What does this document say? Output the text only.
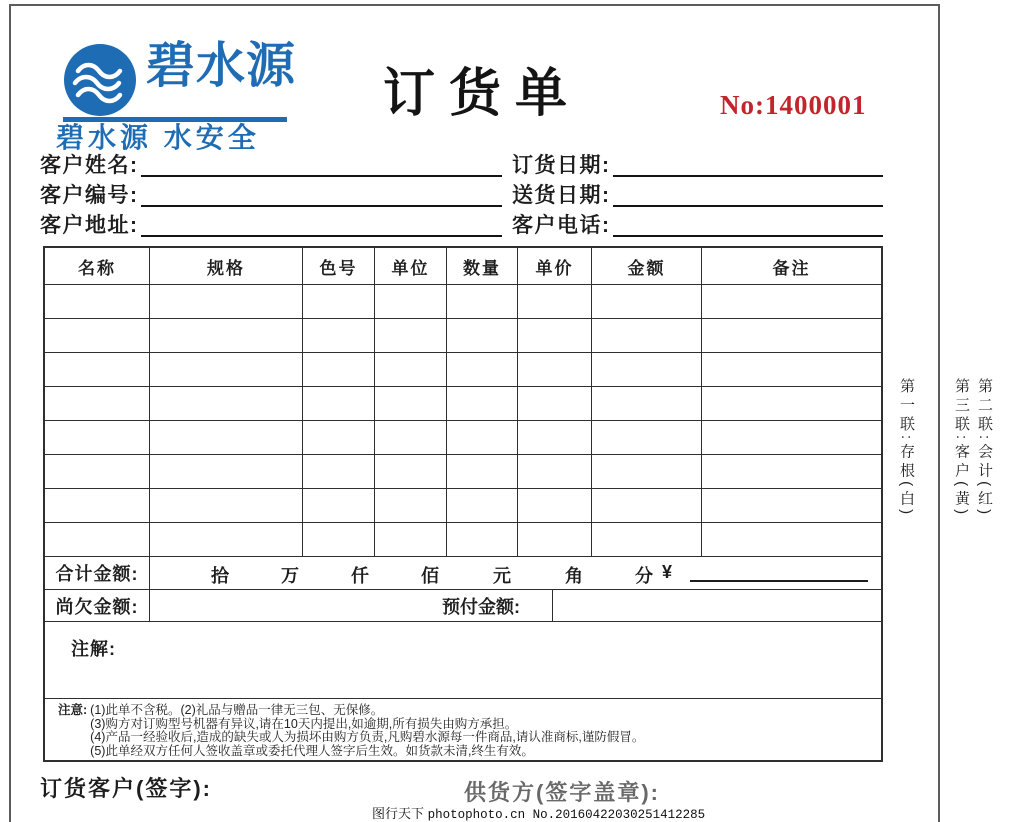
碧水源
碧水源 水安全
订货单	No:1400001
客户姓名:
客户编号:
客户地址:
订货日期:
送货日期:
客户电话:
名称	规格	色号	单位	数量	单价	金额	备注
合计金额:	拾	万	仟	佰	元	角	分 ¥
尚欠金额:	预付金额:
注解:
注意: (1)此单不含税。(2)礼品与赠品一律无三包、无保修。
(3)购方对订购型号机器有异议,请在10天内提出,如逾期,所有损失由购方承担。
(4)产品一经验收后,造成的缺失或人为损坏由购方负责,凡购碧水源每一件商品,请认准商标,谨防假冒。
(5)此单经双方任何人签收盖章或委托代理人签字后生效。如货款未清,终生有效。
第一联:存根(白)	第三联:客户(黄) 第二联:会计(红)
订货客户(签字):	供货方(签字盖章):
图行天下 photophoto.cn No.20160422030251412285
